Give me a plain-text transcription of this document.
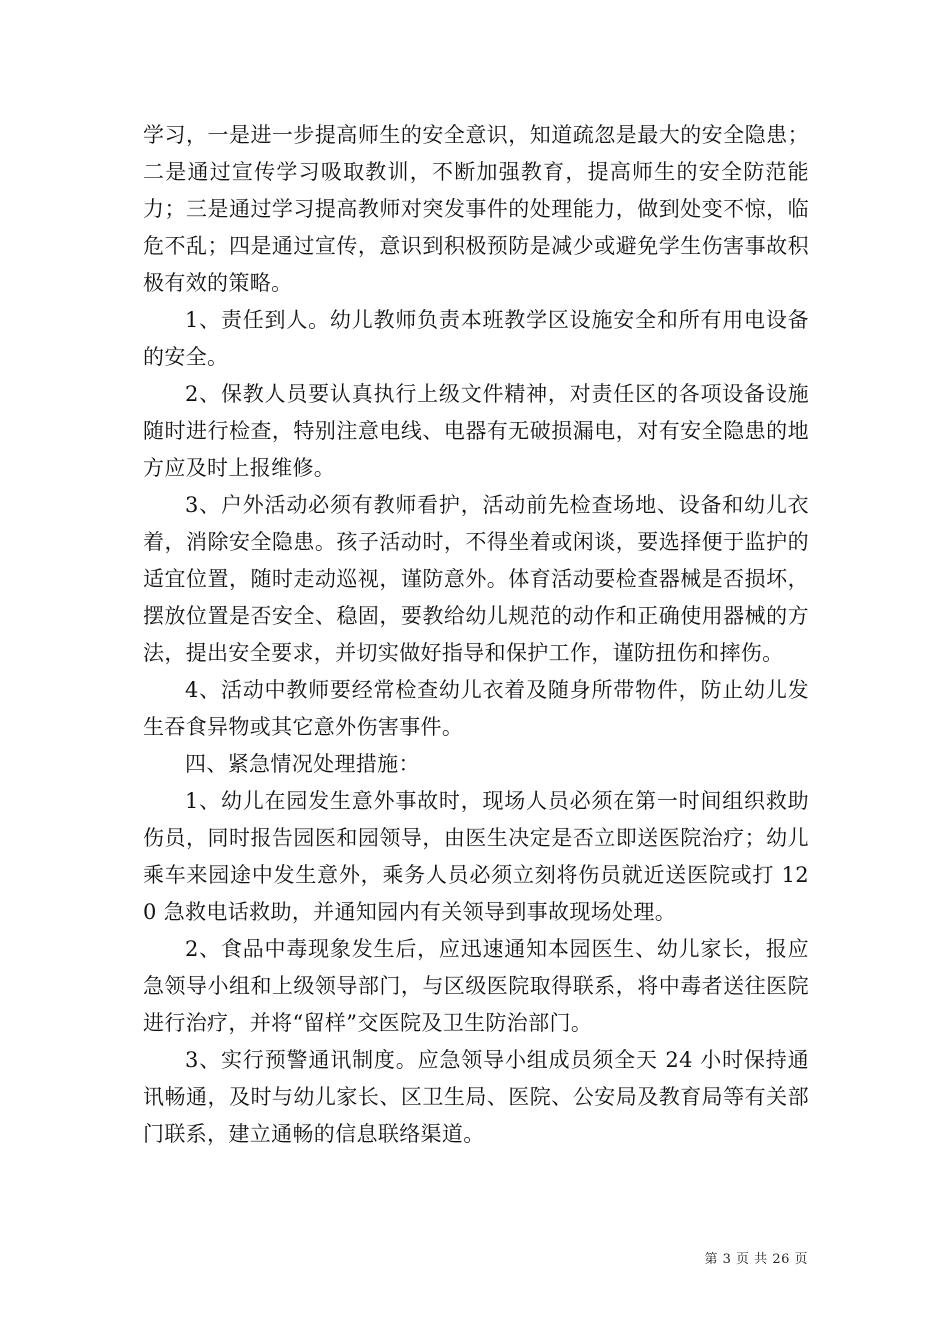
学习，一是进一步提高师生的安全意识，知道疏忽是最大的安全隐患；二是通过宣传学习吸取教训，不断加强教育，提高师生的安全防范能力；三是通过学习提高教师对突发事件的处理能力，做到处变不惊，临危不乱；四是通过宣传，意识到积极预防是减少或避免学生伤害事故积极有效的策略。

1、责任到人。幼儿教师负责本班教学区设施安全和所有用电设备的安全。

2、保教人员要认真执行上级文件精神，对责任区的各项设备设施随时进行检查，特别注意电线、电器有无破损漏电，对有安全隐患的地方应及时上报维修。

3、户外活动必须有教师看护，活动前先检查场地、设备和幼儿衣着，消除安全隐患。孩子活动时，不得坐着或闲谈，要选择便于监护的适宜位置，随时走动巡视，谨防意外。体育活动要检查器械是否损坏，摆放位置是否安全、稳固，要教给幼儿规范的动作和正确使用器械的方法，提出安全要求，并切实做好指导和保护工作，谨防扭伤和摔伤。

4、活动中教师要经常检查幼儿衣着及随身所带物件，防止幼儿发生吞食异物或其它意外伤害事件。

四、紧急情况处理措施：

1、幼儿在园发生意外事故时，现场人员必须在第一时间组织救助伤员，同时报告园医和园领导，由医生决定是否立即送医院治疗；幼儿乘车来园途中发生意外，乘务人员必须立刻将伤员就近送医院或打 120 急救电话救助，并通知园内有关领导到事故现场处理。

2、食品中毒现象发生后，应迅速通知本园医生、幼儿家长，报应急领导小组和上级领导部门，与区级医院取得联系，将中毒者送往医院进行治疗，并将“留样”交医院及卫生防治部门。

3、实行预警通讯制度。应急领导小组成员须全天 24 小时保持通讯畅通，及时与幼儿家长、区卫生局、医院、公安局及教育局等有关部门联系，建立通畅的信息联络渠道。

第 3 页 共 26 页
